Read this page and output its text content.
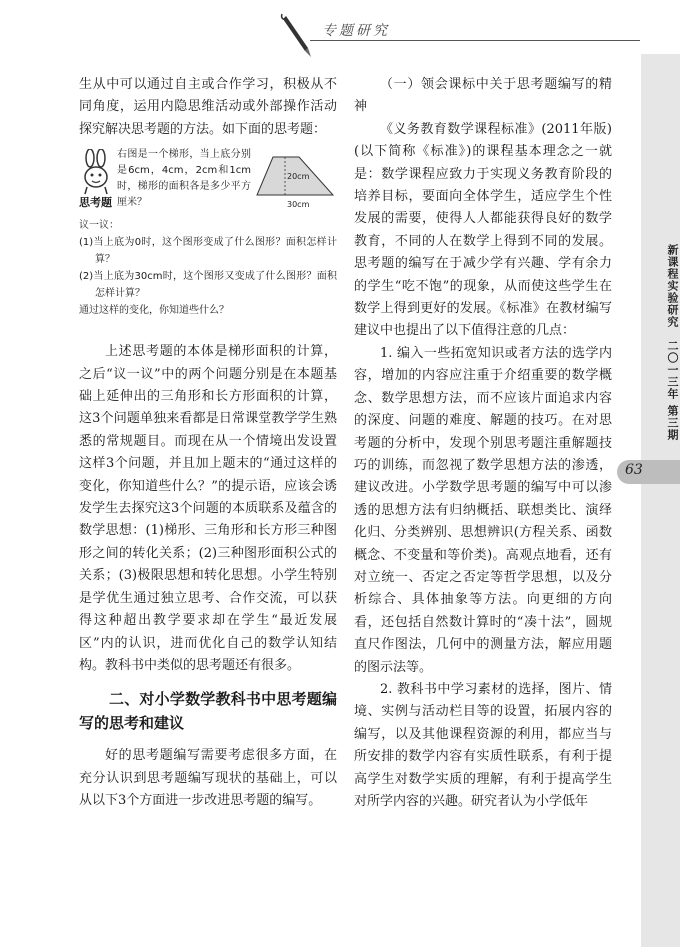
专题研究
新课程实验研究
二〇一三年 第三期
63

生从中可以通过自主或合作学习，积极从不同角度，运用内隐思维活动或外部操作活动探究解决思考题的方法。如下面的思考题：

思考题
右图是一个梯形，当上底分别是6cm，4cm，2cm和1cm时，梯形的面积各是多少平方厘米？
20cm
30cm
议一议：
(1)当上底为0时，这个图形变成了什么图形？面积怎样计算？
(2)当上底为30cm时，这个图形又变成了什么图形？面积怎样计算？
通过这样的变化，你知道些什么？

上述思考题的本体是梯形面积的计算，之后“议一议”中的两个问题分别是在本题基础上延伸出的三角形和长方形面积的计算，这3个问题单独来看都是日常课堂教学学生熟悉的常规题目。而现在从一个情境出发设置这样3个问题，并且加上题末的“通过这样的变化，你知道些什么？”的提示语，应该会诱发学生去探究这3个问题的本质联系及蕴含的数学思想：(1)梯形、三角形和长方形三种图形之间的转化关系；(2)三种图形面积公式的关系；(3)极限思想和转化思想。小学生特别是学优生通过独立思考、合作交流，可以获得这种超出教学要求却在学生“最近发展区”内的认识，进而优化自己的数学认知结构。教科书中类似的思考题还有很多。

二、对小学数学教科书中思考题编写的思考和建议

好的思考题编写需要考虑很多方面，在充分认识到思考题编写现状的基础上，可以从以下3个方面进一步改进思考题的编写。

（一）领会课标中关于思考题编写的精神

《义务教育数学课程标准》(2011年版)(以下简称《标准》)的课程基本理念之一就是：数学课程应致力于实现义务教育阶段的培养目标，要面向全体学生，适应学生个性发展的需要，使得人人都能获得良好的数学教育，不同的人在数学上得到不同的发展。思考题的编写在于减少学有兴趣、学有余力的学生“吃不饱”的现象，从而使这些学生在数学上得到更好的发展。《标准》在教材编写建议中也提出了以下值得注意的几点：

1. 编入一些拓宽知识或者方法的选学内容，增加的内容应注重于介绍重要的数学概念、数学思想方法，而不应该片面追求内容的深度、问题的难度、解题的技巧。在对思考题的分析中，发现个别思考题注重解题技巧的训练，而忽视了数学思想方法的渗透，建议改进。小学数学思考题的编写中可以渗透的思想方法有归纳概括、联想类比、演绎化归、分类辨别、思想辨识(方程关系、函数概念、不变量和等价类)。高观点地看，还有对立统一、否定之否定等哲学思想，以及分析综合、具体抽象等方法。向更细的方向看，还包括自然数计算时的“凑十法”，圆规直尺作图法，几何中的测量方法，解应用题的图示法等。

2. 教科书中学习素材的选择，图片、情境、实例与活动栏目等的设置，拓展内容的编写，以及其他课程资源的利用，都应当与所安排的数学内容有实质性联系，有利于提高学生对数学实质的理解，有利于提高学生对所学内容的兴趣。研究者认为小学低年
